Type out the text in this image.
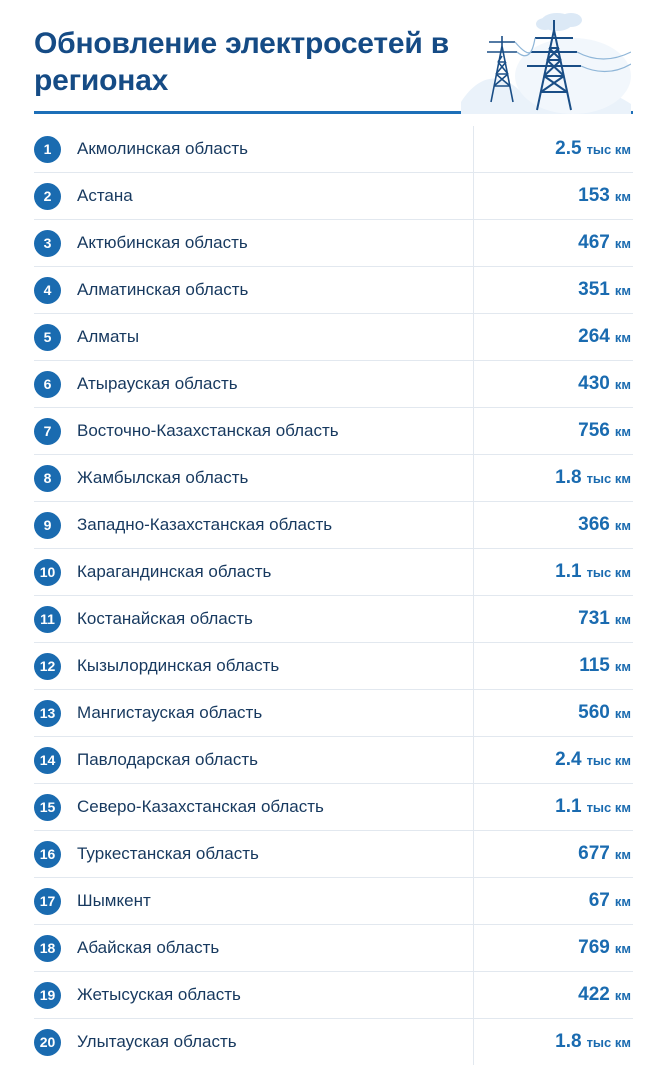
Обновление электросетей в регионах
1	Акмолинская область	2.5 тыс км
2	Астана	153 км
3	Актюбинская область	467 км
4	Алматинская область	351 км
5	Алматы	264 км
6	Атырауская область	430 км
7	Восточно-Казахстанская область	756 км
8	Жамбылская область	1.8 тыс км
9	Западно-Казахстанская область	366 км
10	Карагандинская область	1.1 тыс км
11	Костанайская область	731 км
12	Кызылординская область	115 км
13	Мангистауская область	560 км
14	Павлодарская область	2.4 тыс км
15	Северо-Казахстанская область	1.1 тыс км
16	Туркестанская область	677 км
17	Шымкент	67 км
18	Абайская область	769 км
19	Жетысуская область	422 км
20	Улытауская область	1.8 тыс км
